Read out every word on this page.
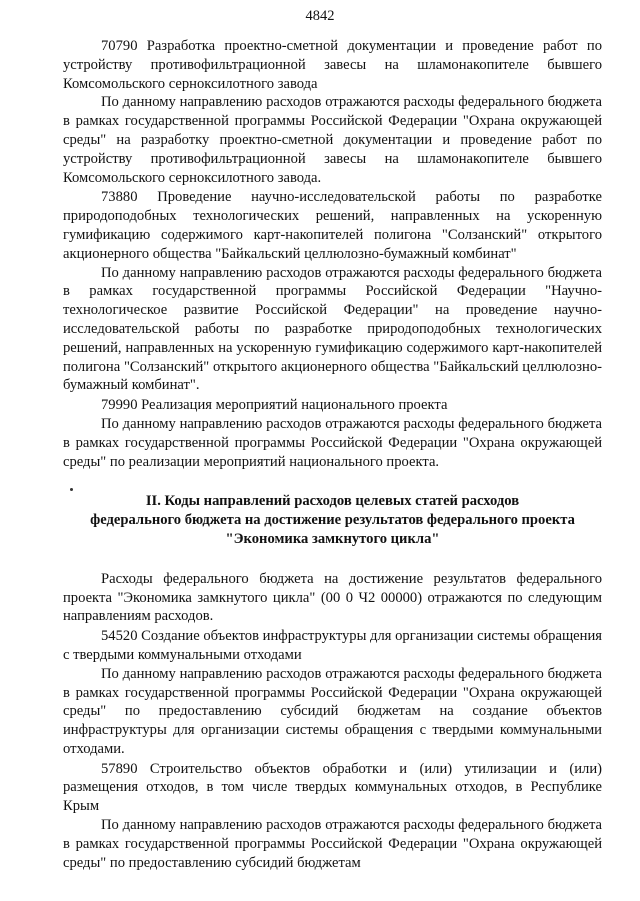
4842

70790 Разработка проектно-сметной документации и проведение работ по устройству противофильтрационной завесы на шламонакопителе бывшего Комсомольского серноксилотного завода

По данному направлению расходов отражаются расходы федерального бюджета в рамках государственной программы Российской Федерации "Охрана окружающей среды" на разработку проектно-сметной документации и проведение работ по устройству противофильтрационной завесы на шламонакопителе бывшего Комсомольского серноксилотного завода.

73880 Проведение научно-исследовательской работы по разработке природоподобных технологических решений, направленных на ускоренную гумификацию содержимого карт-накопителей полигона "Солзанский" открытого акционерного общества "Байкальский целлюлозно-бумажный комбинат"

По данному направлению расходов отражаются расходы федерального бюджета в рамках государственной программы Российской Федерации "Научно-технологическое развитие Российской Федерации" на проведение научно-исследовательской работы по разработке природоподобных технологических решений, направленных на ускоренную гумификацию содержимого карт-накопителей полигона "Солзанский" открытого акционерного общества "Байкальский целлюлозно-бумажный комбинат".

79990 Реализация мероприятий национального проекта

По данному направлению расходов отражаются расходы федерального бюджета в рамках государственной программы Российской Федерации "Охрана окружающей среды" по реализации мероприятий национального проекта.

II. Коды направлений расходов целевых статей расходов
федерального бюджета на достижение результатов федерального проекта
"Экономика замкнутого цикла"

Расходы федерального бюджета на достижение результатов федерального проекта "Экономика замкнутого цикла" (00 0 Ч2 00000) отражаются по следующим направлениям расходов.

54520 Создание объектов инфраструктуры для организации системы обращения с твердыми коммунальными отходами

По данному направлению расходов отражаются расходы федерального бюджета в рамках государственной программы Российской Федерации "Охрана окружающей среды" по предоставлению субсидий бюджетам на создание объектов инфраструктуры для организации системы обращения с твердыми коммунальными отходами.

57890 Строительство объектов обработки и (или) утилизации и (или) размещения отходов, в том числе твердых коммунальных отходов, в Республике Крым

По данному направлению расходов отражаются расходы федерального бюджета в рамках государственной программы Российской Федерации "Охрана окружающей среды" по предоставлению субсидий бюджетам
